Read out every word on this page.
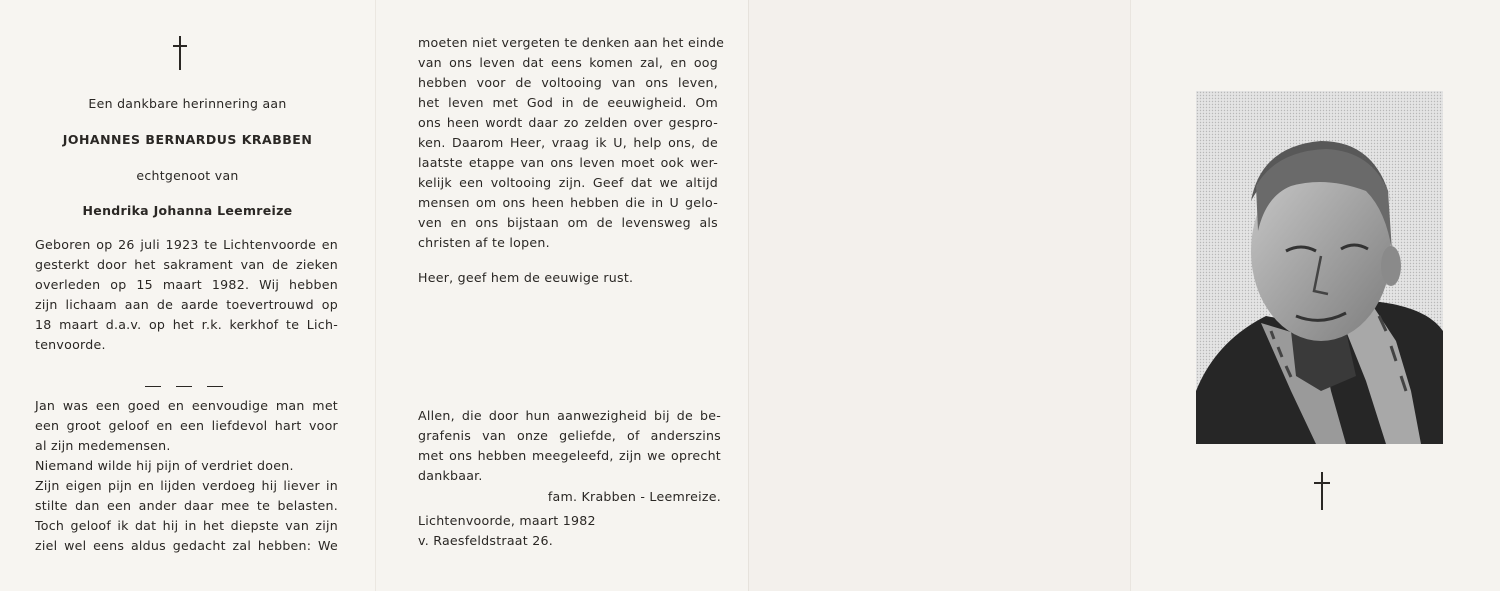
Een dankbare herinnering aan
JOHANNES BERNARDUS KRABBEN
echtgenoot van
Hendrika Johanna Leemreize
Geboren op 26 juli 1923 te Lichtenvoorde en
gesterkt door het sakrament van de zieken
overleden op 15 maart 1982. Wij hebben
zijn lichaam aan de aarde toevertrouwd op
18 maart d.a.v. op het r.k. kerkhof te Lich-
tenvoorde.
Jan was een goed en eenvoudige man met
een groot geloof en een liefdevol hart voor
al zijn medemensen.
Niemand wilde hij pijn of verdriet doen.
Zijn eigen pijn en lijden verdoeg hij liever in
stilte dan een ander daar mee te belasten.
Toch geloof ik dat hij in het diepste van zijn
ziel wel eens aldus gedacht zal hebben: We
moeten niet vergeten te denken aan het einde
van ons leven dat eens komen zal, en oog
hebben voor de voltooing van ons leven,
het leven met God in de eeuwigheid. Om
ons heen wordt daar zo zelden over gespro-
ken. Daarom Heer, vraag ik U, help ons, de
laatste etappe van ons leven moet ook wer-
kelijk een voltooing zijn. Geef dat we altijd
mensen om ons heen hebben die in U gelo-
ven en ons bijstaan om de levensweg als
christen af te lopen.
Heer, geef hem de eeuwige rust.
Allen, die door hun aanwezigheid bij de be-
grafenis van onze geliefde, of anderszins
met ons hebben meegeleefd, zijn we oprecht
dankbaar.
fam. Krabben - Leemreize.
Lichtenvoorde, maart 1982
v. Raesfeldstraat 26.
